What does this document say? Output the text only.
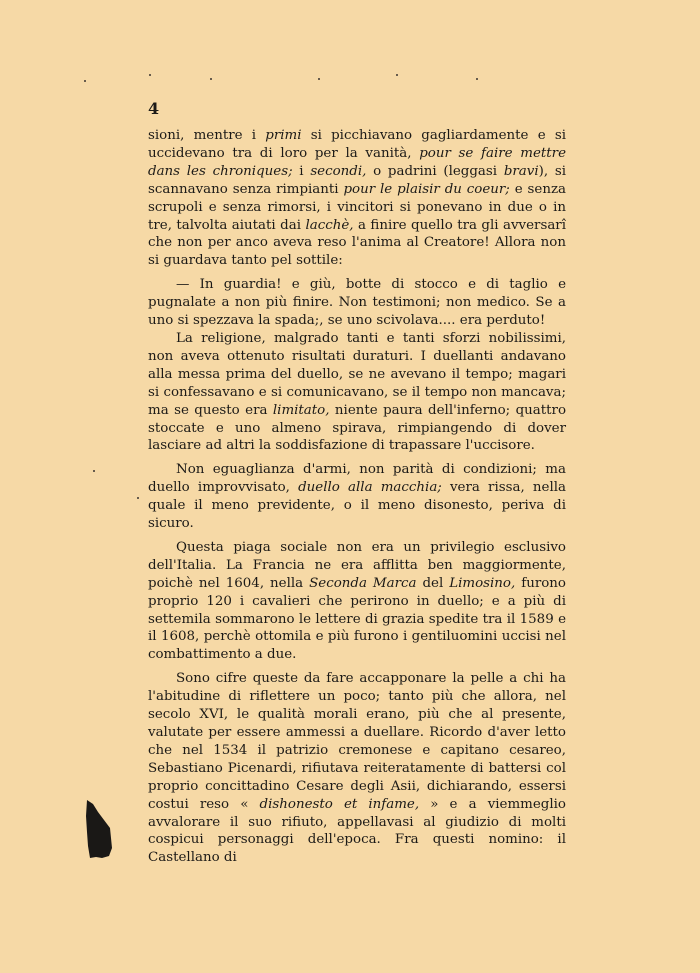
4

sioni, mentre i primi si picchiavano gagliardamente e si uccidevano tra di loro per la vanità, pour se faire mettre dans les chroniques; i secondi, o padrini (leggasi bravi), si scannavano senza rimpianti pour le plaisir du coeur; e senza scrupoli e senza rimorsi, i vincitori si ponevano in due o in tre, talvolta aiutati dai lacchè, a finire quello tra gli avversarî che non per anco aveva reso l'anima al Creatore! Allora non si guardava tanto pel sottile:

— In guardia! e giù, botte di stocco e di taglio e pugnalate a non più finire. Non testimoni; non medico. Se a uno si spezzava la spada;, se uno scivolava.... era perduto!

La religione, malgrado tanti e tanti sforzi nobilissimi, non aveva ottenuto risultati duraturi. I duellanti andavano alla messa prima del duello, se ne avevano il tempo; magari si confessavano e si comunicavano, se il tempo non mancava; ma se questo era limitato, niente paura dell'inferno; quattro stoccate e uno almeno spirava, rimpiangendo di dover lasciare ad altri la soddisfazione di trapassare l'uccisore.

Non eguaglianza d'armi, non parità di condizioni; ma duello improvvisato, duello alla macchia; vera rissa, nella quale il meno previdente, o il meno disonesto, periva di sicuro.

Questa piaga sociale non era un privilegio esclusivo dell'Italia. La Francia ne era afflitta ben maggiormente, poichè nel 1604, nella Seconda Marca del Limosino, furono proprio 120 i cavalieri che perirono in duello; e a più di settemila sommarono le lettere di grazia spedite tra il 1589 e il 1608, perchè ottomila e più furono i gentiluomini uccisi nel combattimento a due.

Sono cifre queste da fare accapponare la pelle a chi ha l'abitudine di riflettere un poco; tanto più che allora, nel secolo XVI, le qualità morali erano, più che al presente, valutate per essere ammessi a duellare. Ricordo d'aver letto che nel 1534 il patrizio cremonese e capitano cesareo, Sebastiano Picenardi, rifiutava reiteratamente di battersi col proprio concittadino Cesare degli Asii, dichiarando, essersi costui reso « dishonesto et infame, » e a viemmeglio avvalorare il suo rifiuto, appellavasi al giudizio di molti cospicui personaggi dell'epoca. Fra questi nomino: il Castellano di
